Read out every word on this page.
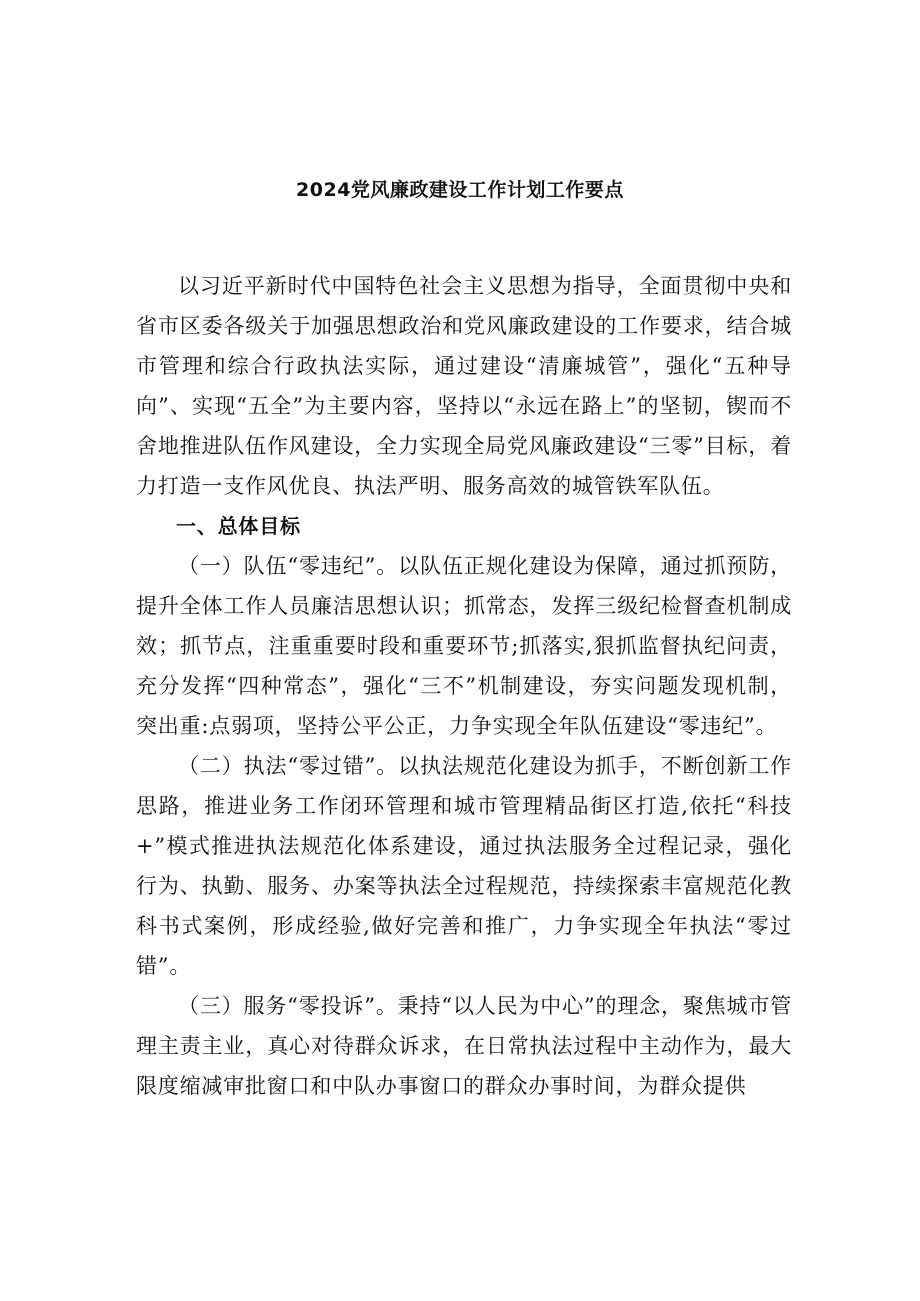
2024党风廉政建设工作计划工作要点

以习近平新时代中国特色社会主义思想为指导，全面贯彻中央和省市区委各级关于加强思想政治和党风廉政建设的工作要求，结合城市管理和综合行政执法实际，通过建设“清廉城管”，强化“五种导向”、实现“五全”为主要内容，坚持以“永远在路上”的坚韧，锲而不舍地推进队伍作风建设，全力实现全局党风廉政建设“三零”目标，着力打造一支作风优良、执法严明、服务高效的城管铁军队伍。

一、总体目标

（一）队伍“零违纪”。以队伍正规化建设为保障，通过抓预防，提升全体工作人员廉洁思想认识；抓常态，发挥三级纪检督查机制成效；抓节点，注重重要时段和重要环节;抓落实,狠抓监督执纪问责，充分发挥“四种常态”，强化“三不”机制建设，夯实问题发现机制，突出重:点弱项，坚持公平公正，力争实现全年队伍建设“零违纪”。

（二）执法“零过错”。以执法规范化建设为抓手，不断创新工作思路，推进业务工作闭环管理和城市管理精品街区打造,依托“科技+”模式推进执法规范化体系建设，通过执法服务全过程记录，强化行为、执勤、服务、办案等执法全过程规范，持续探索丰富规范化教科书式案例，形成经验,做好完善和推广，力争实现全年执法“零过错”。

（三）服务“零投诉”。秉持“以人民为中心”的理念，聚焦城市管理主责主业，真心对待群众诉求，在日常执法过程中主动作为，最大限度缩减审批窗口和中队办事窗口的群众办事时间，为群众提供
